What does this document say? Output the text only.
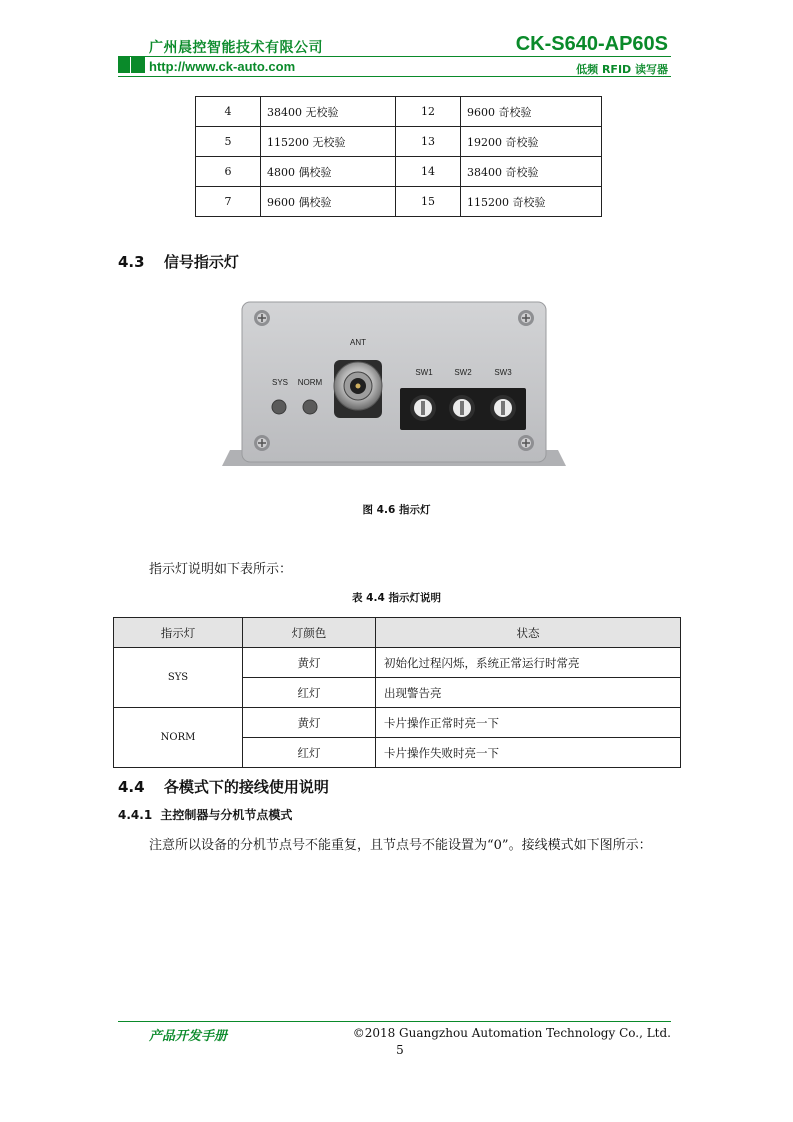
广州晨控智能技术有限公司	CK-S640-AP60S
http://www.ck-auto.com	低频 RFID 读写器
4	38400 无校验	12	9600 奇校验
5	115200 无校验	13	19200 奇校验
6	4800 偶校验	14	38400 奇校验
7	9600 偶校验	15	115200 奇校验
4.3 信号指示灯
ANT
SYS NORM
SW1	SW2	SW3
图 4.6 指示灯
指示灯说明如下表所示：
表 4.4 指示灯说明
指示灯	灯颜色	状态
SYS	黄灯	初始化过程闪烁，系统正常运行时常亮
	红灯	出现警告亮
NORM	黄灯	卡片操作正常时亮一下
	红灯	卡片操作失败时亮一下
4.4 各模式下的接线使用说明
4.4.1 主控制器与分机节点模式
注意所以设备的分机节点号不能重复，且节点号不能设置为“0”。接线模式如下图所示：
产品开发手册	©2018 Guangzhou Automation Technology Co., Ltd.
5
